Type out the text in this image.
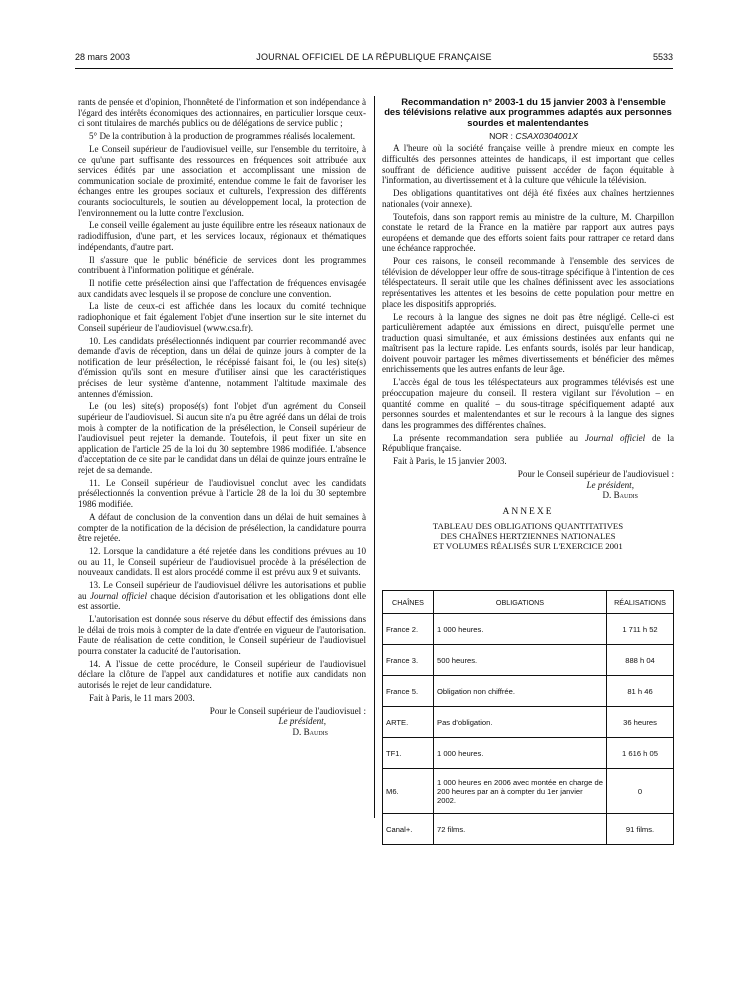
28 mars 2003	JOURNAL OFFICIEL DE LA RÉPUBLIQUE FRANÇAISE	5533

rants de pensée et d'opinion, l'honnêteté de l'information et son indépendance à l'égard des intérêts économiques des actionnaires, en particulier lorsque ceux-ci sont titulaires de marchés publics ou de délégations de service public ;

5° De la contribution à la production de programmes réalisés localement.

Le Conseil supérieur de l'audiovisuel veille, sur l'ensemble du territoire, à ce qu'une part suffisante des ressources en fréquences soit attribuée aux services édités par une association et accomplissant une mission de communication sociale de proximité, entendue comme le fait de favoriser les échanges entre les groupes sociaux et culturels, l'expression des différents courants socioculturels, le soutien au développement local, la protection de l'environnement ou la lutte contre l'exclusion.

Le conseil veille également au juste équilibre entre les réseaux nationaux de radiodiffusion, d'une part, et les services locaux, régionaux et thématiques indépendants, d'autre part.

Il s'assure que le public bénéficie de services dont les programmes contribuent à l'information politique et générale.

Il notifie cette présélection ainsi que l'affectation de fréquences envisagée aux candidats avec lesquels il se propose de conclure une convention.

La liste de ceux-ci est affichée dans les locaux du comité technique radiophonique et fait également l'objet d'une insertion sur le site internet du Conseil supérieur de l'audiovisuel (www.csa.fr).

10. Les candidats présélectionnés indiquent par courrier recommandé avec demande d'avis de réception, dans un délai de quinze jours à compter de la notification de leur présélection, le récépissé faisant foi, le (ou les) site(s) d'émission qu'ils sont en mesure d'utiliser ainsi que les caractéristiques précises de leur système d'antenne, notamment l'altitude maximale des antennes d'émission.

Le (ou les) site(s) proposé(s) font l'objet d'un agrément du Conseil supérieur de l'audiovisuel. Si aucun site n'a pu être agréé dans un délai de trois mois à compter de la notification de la présélection, le Conseil supérieur de l'audiovisuel peut rejeter la demande. Toutefois, il peut fixer un site en application de l'article 25 de la loi du 30 septembre 1986 modifiée. L'absence d'acceptation de ce site par le candidat dans un délai de quinze jours entraîne le rejet de sa demande.

11. Le Conseil supérieur de l'audiovisuel conclut avec les candidats présélectionnés la convention prévue à l'article 28 de la loi du 30 septembre 1986 modifiée.

A défaut de conclusion de la convention dans un délai de huit semaines à compter de la notification de la décision de présélection, la candidature pourra être rejetée.

12. Lorsque la candidature a été rejetée dans les conditions prévues au 10 ou au 11, le Conseil supérieur de l'audiovisuel procède à la présélection de nouveaux candidats. Il est alors procédé comme il est prévu aux 9 et suivants.

13. Le Conseil supérieur de l'audiovisuel délivre les autorisations et publie au Journal officiel chaque décision d'autorisation et les obligations dont elle est assortie.

L'autorisation est donnée sous réserve du début effectif des émissions dans le délai de trois mois à compter de la date d'entrée en vigueur de l'autorisation. Faute de réalisation de cette condition, le Conseil supérieur de l'audiovisuel pourra constater la caducité de l'autorisation.

14. A l'issue de cette procédure, le Conseil supérieur de l'audiovisuel déclare la clôture de l'appel aux candidatures et notifie aux candidats non autorisés le rejet de leur candidature.

Fait à Paris, le 11 mars 2003.

Pour le Conseil supérieur de l'audiovisuel :
Le président,
D. Baudis

Recommandation n° 2003-1 du 15 janvier 2003 à l'ensemble des télévisions relative aux programmes adaptés aux personnes sourdes et malentendantes

NOR : CSAX0304001X

A l'heure où la société française veille à prendre mieux en compte les difficultés des personnes atteintes de handicaps, il est important que celles souffrant de déficience auditive puissent accéder de façon équitable à l'information, au divertissement et à la culture que véhicule la télévision.

Des obligations quantitatives ont déjà été fixées aux chaînes hertziennes nationales (voir annexe).

Toutefois, dans son rapport remis au ministre de la culture, M. Charpillon constate le retard de la France en la matière par rapport aux autres pays européens et demande que des efforts soient faits pour rattraper ce retard dans une échéance rapprochée.

Pour ces raisons, le conseil recommande à l'ensemble des services de télévision de développer leur offre de sous-titrage spécifique à l'intention de ces téléspectateurs. Il serait utile que les chaînes définissent avec les associations représentatives les attentes et les besoins de cette population pour mettre en place les dispositifs appropriés.

Le recours à la langue des signes ne doit pas être négligé. Celle-ci est particulièrement adaptée aux émissions en direct, puisqu'elle permet une traduction quasi simultanée, et aux émissions destinées aux enfants qui ne maîtrisent pas la lecture rapide. Les enfants sourds, isolés par leur handicap, doivent pouvoir partager les mêmes divertissements et bénéficier des mêmes enrichissements que les autres enfants de leur âge.

L'accès égal de tous les téléspectateurs aux programmes télévisés est une préoccupation majeure du conseil. Il restera vigilant sur l'évolution – en quantité comme en qualité – du sous-titrage spécifiquement adapté aux personnes sourdes et malentendantes et sur le recours à la langue des signes dans les programmes des différentes chaînes.

La présente recommandation sera publiée au Journal officiel de la République française.

Fait à Paris, le 15 janvier 2003.

Pour le Conseil supérieur de l'audiovisuel :
Le président,
D. Baudis
ANNEXE
TABLEAU DES OBLIGATIONS QUANTITATIVES
DES CHAÎNES HERTZIENNES NATIONALES
ET VOLUMES RÉALISÉS SUR L'EXERCICE 2001
CHAÎNES	OBLIGATIONS	RÉALISATIONS
France 2.	1 000 heures.	1 711 h 52
France 3.	500 heures.	888 h 04
France 5.	Obligation non chiffrée.	81 h 46
ARTE.	Pas d'obligation.	36 heures
TF1.	1 000 heures.	1 616 h 05
M6.	1 000 heures en 2006 avec montée en charge de 200 heures par an à compter du 1er janvier 2002.	0
Canal+.	72 films.	91 films.
